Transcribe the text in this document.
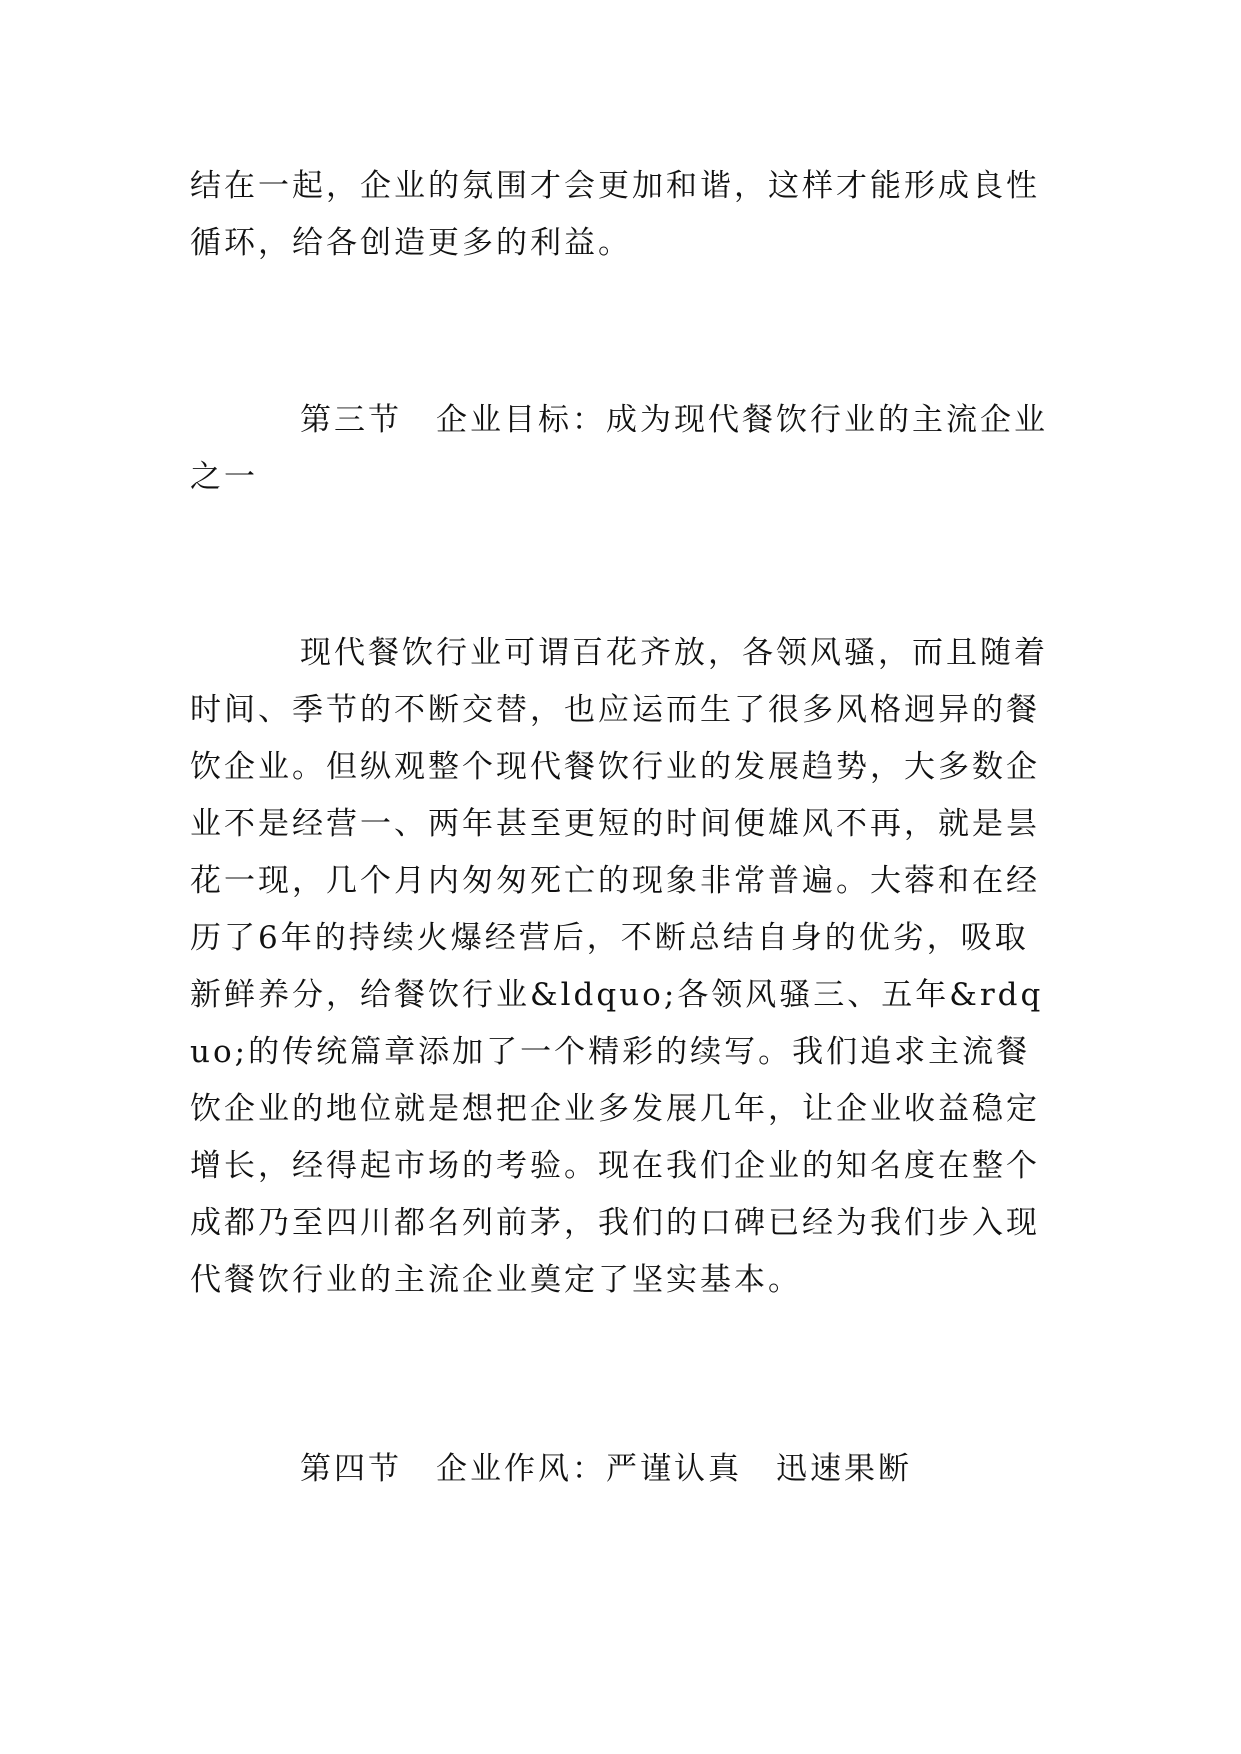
结在一起，企业的氛围才会更加和谐，这样才能形成良性循环，给各创造更多的利益。

第三节　企业目标：成为现代餐饮行业的主流企业之一

现代餐饮行业可谓百花齐放，各领风骚，而且随着时间、季节的不断交替，也应运而生了很多风格迥异的餐饮企业。但纵观整个现代餐饮行业的发展趋势，大多数企业不是经营一、两年甚至更短的时间便雄风不再，就是昙花一现，几个月内匆匆死亡的现象非常普遍。大蓉和在经历了6年的持续火爆经营后，不断总结自身的优劣，吸取新鲜养分，给餐饮行业&ldquo;各领风骚三、五年&rdquo;的传统篇章添加了一个精彩的续写。我们追求主流餐饮企业的地位就是想把企业多发展几年，让企业收益稳定增长，经得起市场的考验。现在我们企业的知名度在整个成都乃至四川都名列前茅，我们的口碑已经为我们步入现代餐饮行业的主流企业奠定了坚实基本。

第四节　企业作风：严谨认真　迅速果断
